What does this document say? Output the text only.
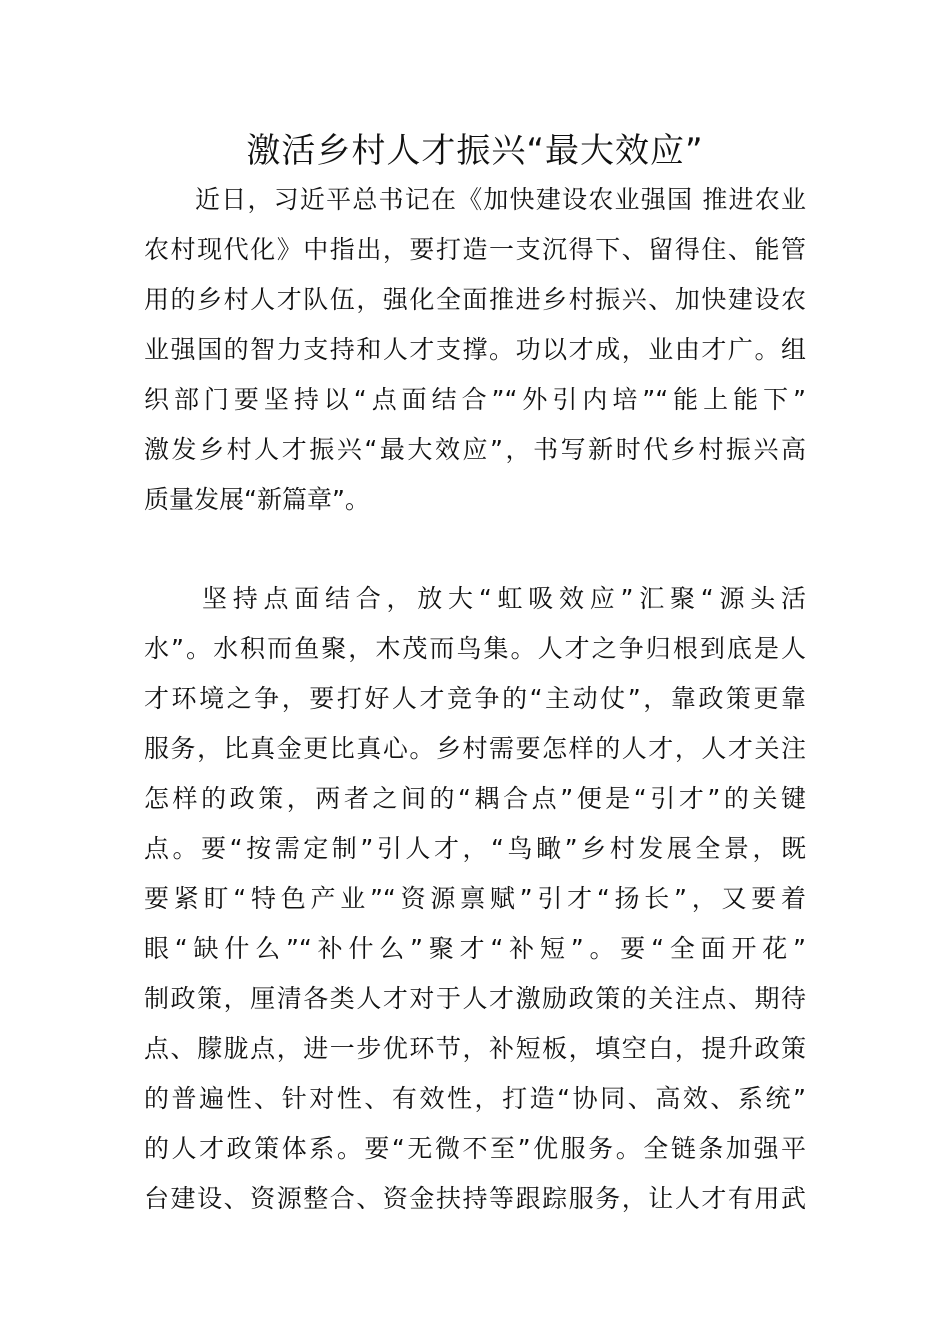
激活乡村人才振兴“最大效应”

近日，习近平总书记在《加快建设农业强国 推进农业

农村现代化》中指出，要打造一支沉得下、留得住、能管

用的乡村人才队伍，强化全面推进乡村振兴、加快建设农

业强国的智力支持和人才支撑。功以才成，业由才广。组

织部门要坚持以“点面结合”“外引内培”“能上能下”

激发乡村人才振兴“最大效应”，书写新时代乡村振兴高

质量发展“新篇章”。

坚持点面结合，放大“虹吸效应”汇聚“源头活

水”。水积而鱼聚，木茂而鸟集。人才之争归根到底是人

才环境之争，要打好人才竞争的“主动仗”，靠政策更靠

服务，比真金更比真心。乡村需要怎样的人才，人才关注

怎样的政策，两者之间的“耦合点”便是“引才”的关键

点。要“按需定制”引人才，“鸟瞰”乡村发展全景，既

要紧盯“特色产业”“资源禀赋”引才“扬长”，又要着

眼“缺什么”“补什么”聚才“补短”。要“全面开花”

制政策，厘清各类人才对于人才激励政策的关注点、期待

点、朦胧点，进一步优环节，补短板，填空白，提升政策

的普遍性、针对性、有效性，打造“协同、高效、系统”

的人才政策体系。要“无微不至”优服务。全链条加强平

台建设、资源整合、资金扶持等跟踪服务，让人才有用武
